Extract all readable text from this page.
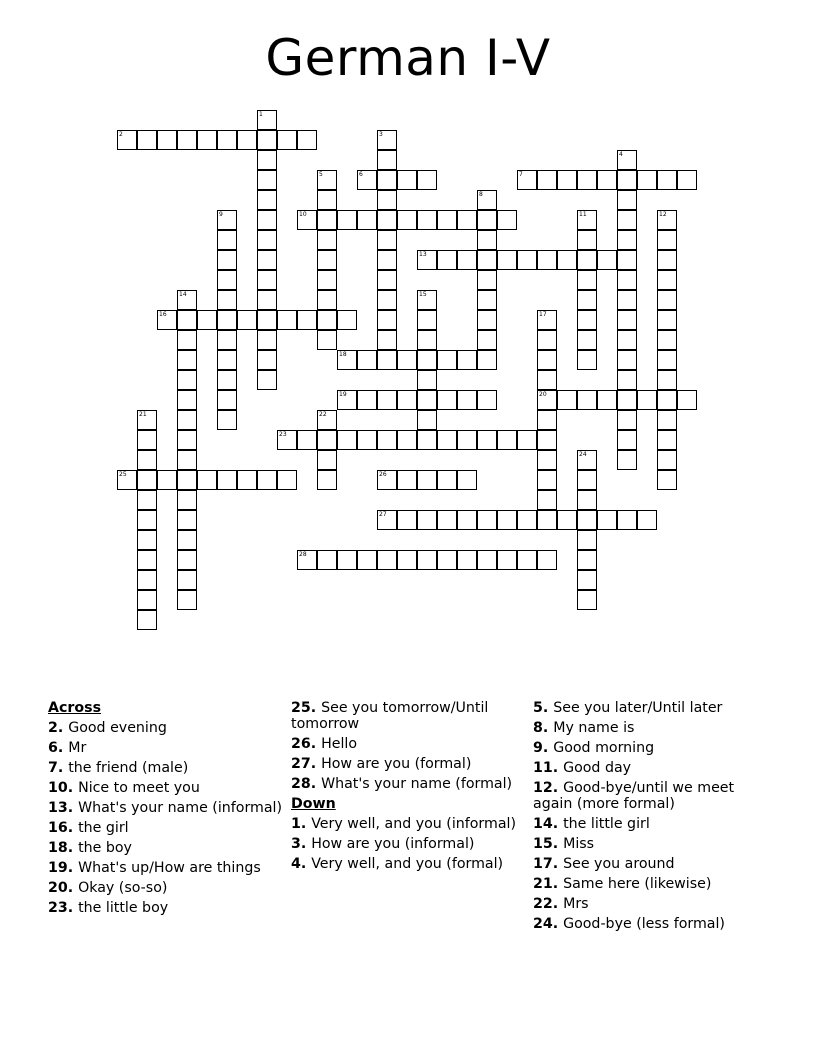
German I-V
1
2	3
4
5	6	7
8
9	10	11	12
13
14	15
16	17
20
18
19
21	22
23
24
25	26
27
28
Across
2. Good evening
6. Mr
7. the friend (male)
10. Nice to meet you
13. What's your name (informal)
16. the girl
18. the boy
19. What's up/How are things
20. Okay (so-so)
23. the little boy
25. See you tomorrow/Until tomorrow
26. Hello
27. How are you (formal)
28. What's your name (formal)
Down
1. Very well, and you (informal)
3. How are you (informal)
4. Very well, and you (formal)
5. See you later/Until later
8. My name is
9. Good morning
11. Good day
12. Good-bye/until we meet again (more formal)
14. the little girl
15. Miss
17. See you around
21. Same here (likewise)
22. Mrs
24. Good-bye (less formal)
